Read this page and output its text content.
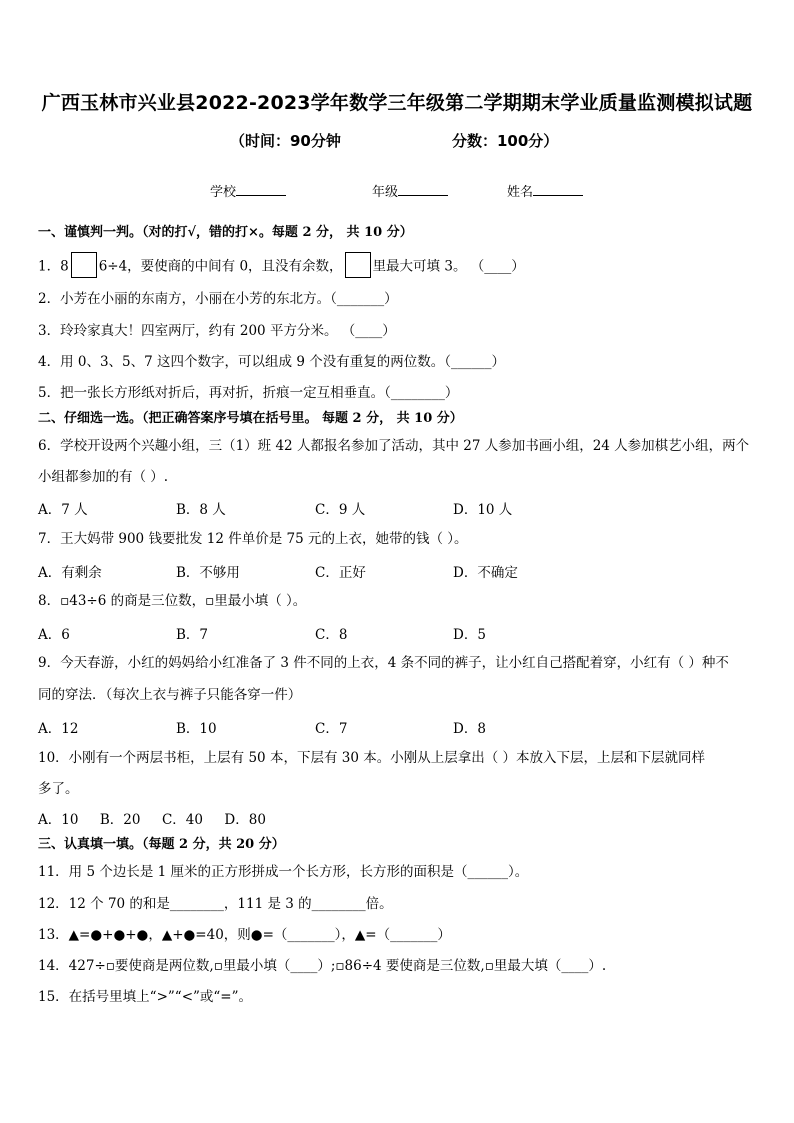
广西玉林市兴业县2022-2023学年数学三年级第二学期期末学业质量监测模拟试题
（时间：90分钟	分数：100分）
学校	年级	姓名
一、谨慎判一判。（对的打√，错的打×。每题 2 分， 共 10 分）
1．8 6÷4，要使商的中间有 0，且没有余数， 里最大可填 3。 （____）
2．小芳在小丽的东南方，小丽在小芳的东北方。（_______）
3．玲玲家真大！四室两厅，约有 200 平方分米。 （____）
4．用 0、3、5、7 这四个数字，可以组成 9 个没有重复的两位数。（______）
5．把一张长方形纸对折后，再对折，折痕一定互相垂直。（________）
二、仔细选一选。（把正确答案序号填在括号里。 每题 2 分， 共 10 分）
6．学校开设两个兴趣小组，三（1）班 42 人都报名参加了活动，其中 27 人参加书画小组，24 人参加棋艺小组，两个
小组都参加的有（ ）.
A．7 人	B．8 人	C．9 人	D．10 人
7．王大妈带 900 钱要批发 12 件单价是 75 元的上衣，她带的钱（ ）。
A．有剩余	B．不够用	C．正好	D．不确定
8．▫43÷6 的商是三位数，▫里最小填（ ）。
A．6	B．7	C．8	D．5
9．今天春游，小红的妈妈给小红准备了 3 件不同的上衣，4 条不同的裤子，让小红自己搭配着穿，小红有（ ）种不
同的穿法．（每次上衣与裤子只能各穿一件）
A．12	B．10	C．7	D．8
10．小刚有一个两层书柜，上层有 50 本，下层有 30 本。小刚从上层拿出（ ）本放入下层，上层和下层就同样
多了。
A．10     B．20     C．40     D．80
三、认真填一填。（每题 2 分，共 20 分）
11．用 5 个边长是 1 厘米的正方形拼成一个长方形，长方形的面积是（______）。
12．12 个 70 的和是________，111 是 3 的________倍。
13．▲=●+●+●，▲+●=40，则●=（_______），▲=（_______）
14．427÷▫要使商是两位数,▫里最小填（____）;▫86÷4 要使商是三位数,▫里最大填（____）.
15．在括号里填上“>”“<”或“=”。
